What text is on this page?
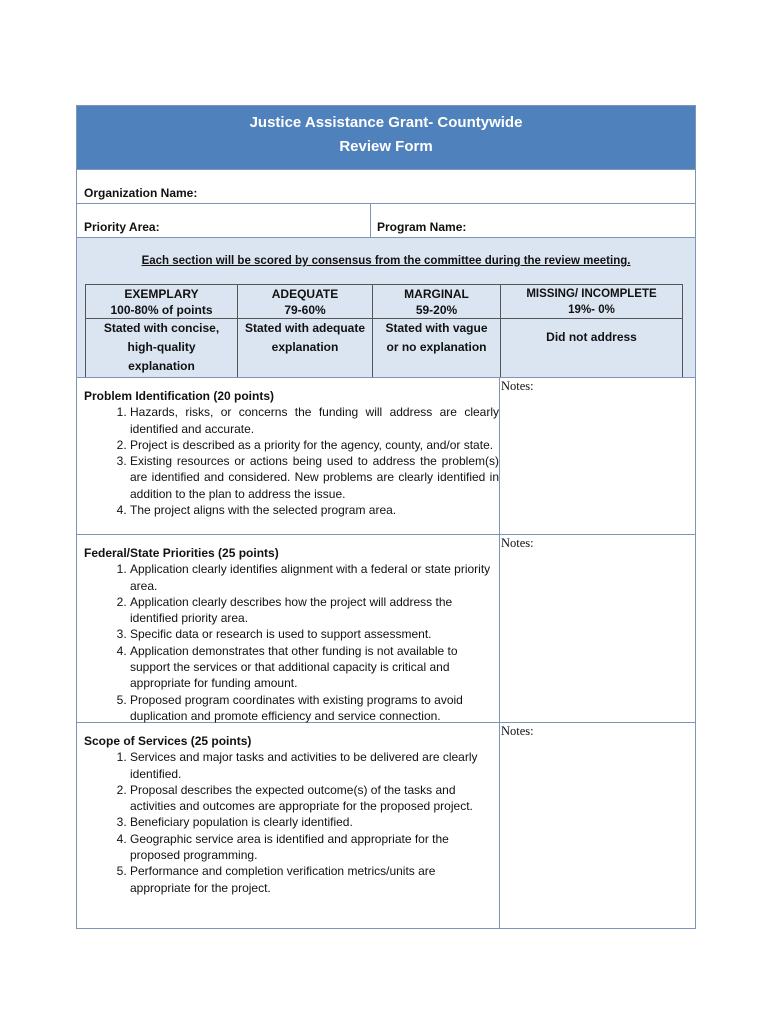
Justice Assistance Grant- Countywide
Review Form
Organization Name:
Priority Area:	Program Name:
Each section will be scored by consensus from the committee during the review meeting.
EXEMPLARY
100-80% of points
Stated with concise,
high-quality
explanation
ADEQUATE
79-60%
Stated with adequate
explanation
MARGINAL
59-20%
Stated with vague
or no explanation
MISSING/ INCOMPLETE
19%- 0%
Did not address
Problem Identification (20 points)
1. Hazards, risks, or concerns the funding will address are clearly identified and accurate.
2. Project is described as a priority for the agency, county, and/or state.
3. Existing resources or actions being used to address the problem(s) are identified and considered. New problems are clearly identified in addition to the plan to address the issue.
4. The project aligns with the selected program area.
Notes:
Federal/State Priorities (25 points)
1. Application clearly identifies alignment with a federal or state priority area.
2. Application clearly describes how the project will address the identified priority area.
3. Specific data or research is used to support assessment.
4. Application demonstrates that other funding is not available to support the services or that additional capacity is critical and appropriate for funding amount.
5. Proposed program coordinates with existing programs to avoid duplication and promote efficiency and service connection.
Notes:
Scope of Services (25 points)
1. Services and major tasks and activities to be delivered are clearly identified.
2. Proposal describes the expected outcome(s) of the tasks and activities and outcomes are appropriate for the proposed project.
3. Beneficiary population is clearly identified.
4. Geographic service area is identified and appropriate for the proposed programming.
5. Performance and completion verification metrics/units are appropriate for the project.
Notes:
